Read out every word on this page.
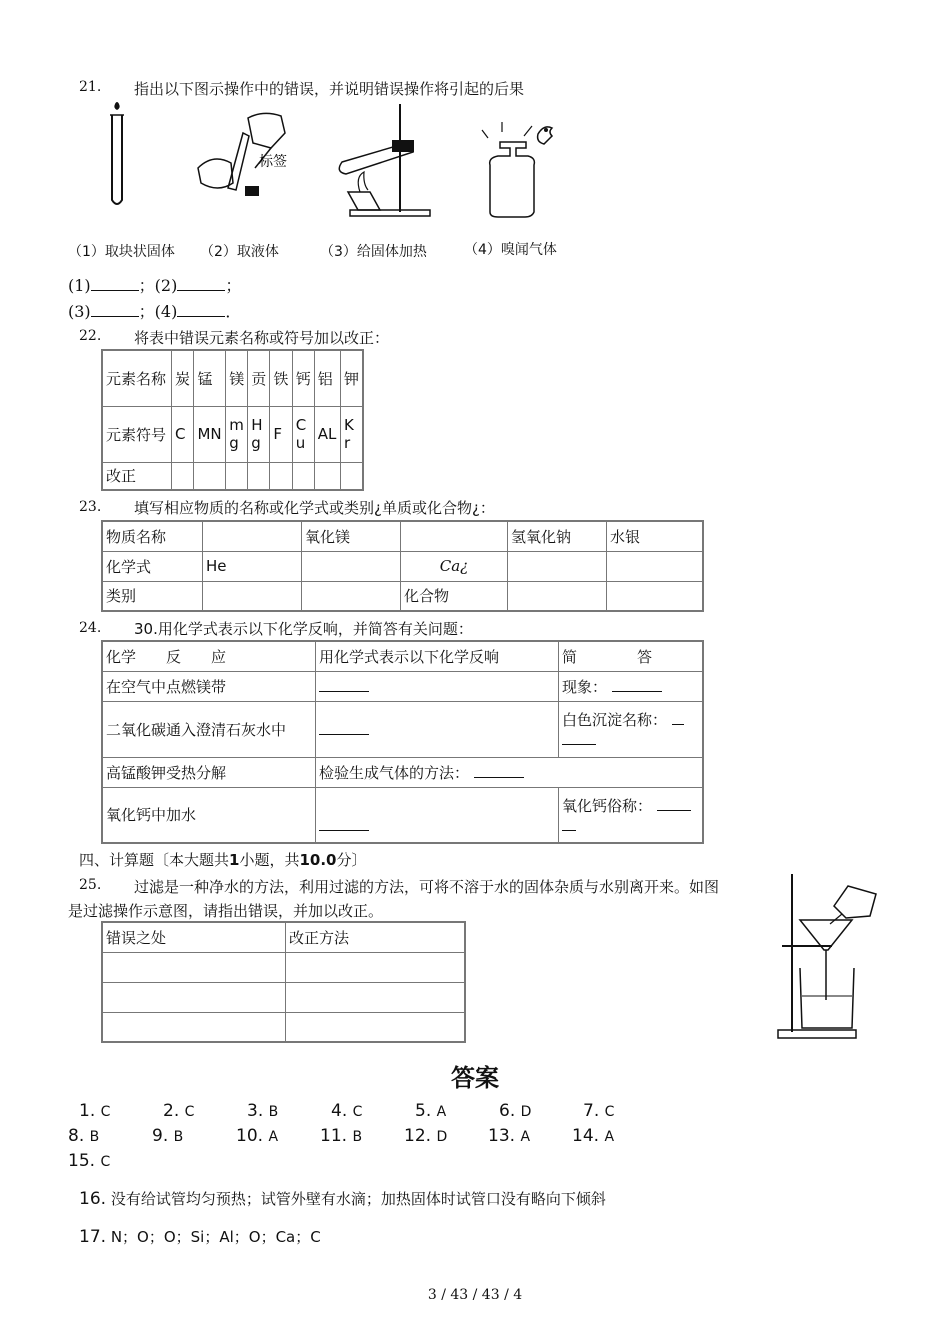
21. 指出以下图示操作中的错误，并说明错误操作将引起的后果
标签
（1）取块状固体 （2）取液体	（3）给固体加热	（4）嗅闻气体
(1)	；(2)	；
(3)	；(4)	．
22. 将表中错误元素名称或符号加以改正：
元素名称	炭	锰	镁	贡	铁	钙	铝	钾
元素符号	C	MN	mg	Hg	F	Cu	AL	Kr
改正								
23. 填写相应物质的名称或化学式或类别¿单质或化合物¿：
物质名称		氧化镁		氢氧化钠	水银
化学式	He		Ca¿		
类别			化合物		
24. 30.用化学式表示以下化学反响，并简答有关问题：
化学　　反　　应	用化学式表示以下化学反响	简　　　　答
在空气中点燃镁带		现象：
二氧化碳通入澄清石灰水中		白色沉淀名称：

高锰酸钾受热分解	检验生成气体的方法：	
氧化钙中加水		氧化钙俗称：

四、计算题〔本大题共1小题，共10.0分〕
25. 过滤是一种净水的方法，利用过滤的方法，可将不溶于水的固体杂质与水别离开来。如图
是过滤操作示意图，请指出错误，并加以改正。
错误之处	改正方法

答案
1. C	2. C	3. B	4. C	5. A	6. D	7. C
8. B	9. B	10. A 11. B 12. D 13. A 14. A
15. C
16. 没有给试管均匀预热；试管外壁有水滴；加热固体时试管口没有略向下倾斜
17. N；O；O；Si；Al；O；Ca；C
3 / 43 / 43 / 4
